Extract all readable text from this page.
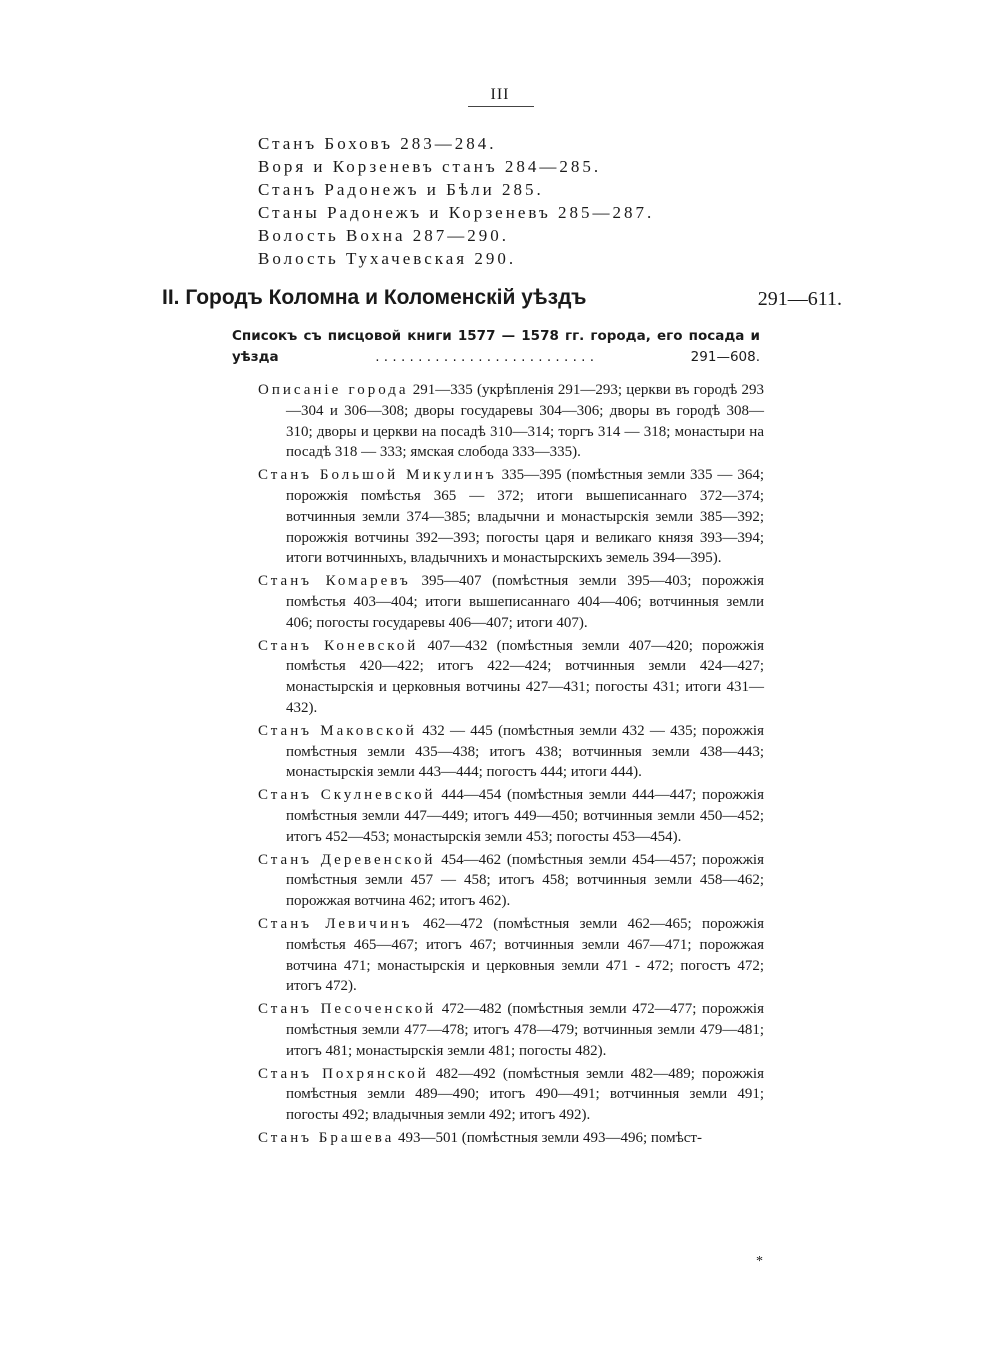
III
Станъ Боховъ 283—284.
Воря и Корзеневъ станъ 284—285.
Станъ Радонежъ и Бѣли 285.
Станы Радонежъ и Корзеневъ 285—287.
Волость Вохна 287—290.
Волость Тухачевская 290.
II. Городъ Коломна и Коломенскій уѣздъ	291—611.
Списокъ съ писцовой книги 1577 — 1578 гг. города, его посада и
уѣзда	. . . . . . . . . . . . . . . . . . . . . . . . . .	291—608.
Описаніе города 291—335 (укрѣпленія 291—293; церкви въ городѣ 293—304 и 306—308; дворы государевы 304—306; дворы въ городѣ 308—310; дворы и церкви на посадѣ 310—314; торгъ 314 — 318; монастыри на посадѣ 318 — 333; ямская слобода 333—335).
Станъ Большой Микулинъ 335—395 (помѣстныя земли 335 — 364; порожжія помѣстья 365 — 372; итоги вышеписаннаго 372—374; вотчинныя земли 374—385; владычни и монастырскія земли 385—392; порожжія вотчины 392—393; погосты царя и великаго князя 393—394; итоги вотчинныхъ, владычнихъ и монастырскихъ земель 394—395).
Станъ Комаревъ 395—407 (помѣстныя земли 395—403; порожжія помѣстья 403—404; итоги вышеписаннаго 404—406; вотчинныя земли 406; погосты государевы 406—407; итоги 407).
Станъ Коневской 407—432 (помѣстныя земли 407—420; порожжія помѣстья 420—422; итогъ 422—424; вотчинныя земли 424—427; монастырскія и церковныя вотчины 427—431; погосты 431; итоги 431—432).
Станъ Маковской 432 — 445 (помѣстныя земли 432 — 435; порожжія помѣстныя земли 435—438; итогъ 438; вотчинныя земли 438—443; монастырскія земли 443—444; погостъ 444; итоги 444).
Станъ Скулневской 444—454 (помѣстныя земли 444—447; порожжія помѣстныя земли 447—449; итогъ 449—450; вотчинныя земли 450—452; итогъ 452—453; монастырскія земли 453; погосты 453—454).
Станъ Деревенской 454—462 (помѣстныя земли 454—457; порожжія помѣстныя земли 457 — 458; итогъ 458; вотчинныя земли 458—462; порожжая вотчина 462; итогъ 462).
Станъ Левичинъ 462—472 (помѣстныя земли 462—465; порожжія помѣстья 465—467; итогъ 467; вотчинныя земли 467—471; порожжая вотчина 471; монастырскія и церковныя земли 471 - 472; погостъ 472; итогъ 472).
Станъ Песоченской 472—482 (помѣстныя земли 472—477; порожжія помѣстныя земли 477—478; итогъ 478—479; вотчинныя земли 479—481; итогъ 481; монастырскія земли 481; погосты 482).
Станъ Похрянской 482—492 (помѣстныя земли 482—489; порожжія помѣстныя земли 489—490; итогъ 490—491; вотчинныя земли 491; погосты 492; владычныя земли 492; итогъ 492).
Станъ Брашева 493—501 (помѣстныя земли 493—496; помѣст-
*
